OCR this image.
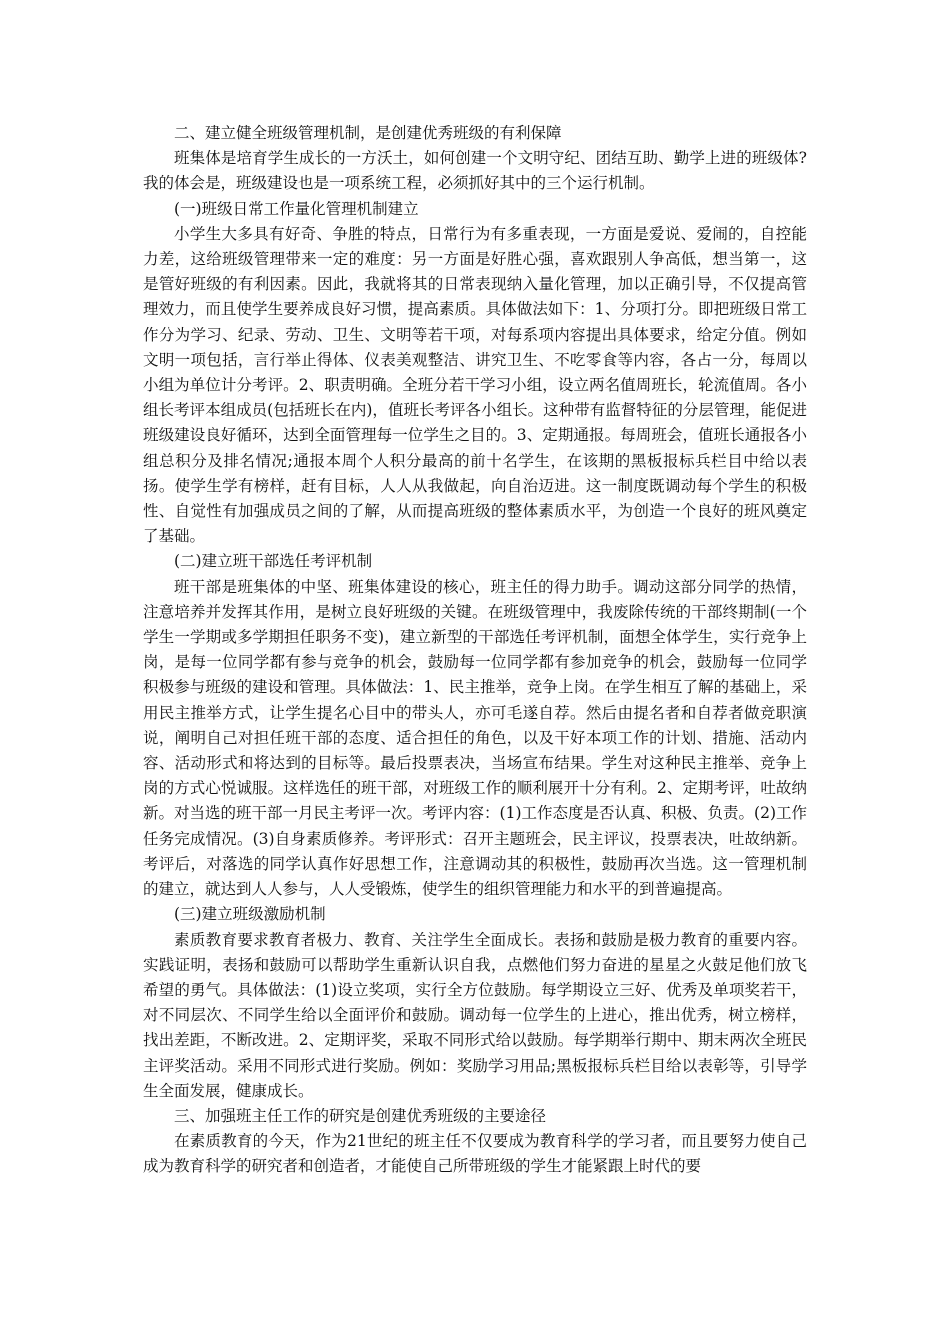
二、建立健全班级管理机制，是创建优秀班级的有利保障

班集体是培育学生成长的一方沃土，如何创建一个文明守纪、团结互助、勤学上进的班级体?我的体会是，班级建设也是一项系统工程，必须抓好其中的三个运行机制。

(一)班级日常工作量化管理机制建立

小学生大多具有好奇、争胜的特点，日常行为有多重表现，一方面是爱说、爱闹的，自控能力差，这给班级管理带来一定的难度：另一方面是好胜心强，喜欢跟别人争高低，想当第一，这是管好班级的有利因素。因此，我就将其的日常表现纳入量化管理，加以正确引导，不仅提高管理效力，而且使学生要养成良好习惯，提高素质。具体做法如下：1、分项打分。即把班级日常工作分为学习、纪录、劳动、卫生、文明等若干项，对每系项内容提出具体要求，给定分值。例如文明一项包括，言行举止得体、仪表美观整洁、讲究卫生、不吃零食等内容，各占一分，每周以小组为单位计分考评。2、职责明确。全班分若干学习小组，设立两名值周班长，轮流值周。各小组长考评本组成员(包括班长在内)，值班长考评各小组长。这种带有监督特征的分层管理，能促进班级建设良好循环，达到全面管理每一位学生之目的。3、定期通报。每周班会，值班长通报各小组总积分及排名情况;通报本周个人积分最高的前十名学生，在该期的黑板报标兵栏目中给以表扬。使学生学有榜样，赶有目标，人人从我做起，向自治迈进。这一制度既调动每个学生的积极性、自觉性有加强成员之间的了解，从而提高班级的整体素质水平，为创造一个良好的班风奠定了基础。

(二)建立班干部选任考评机制

班干部是班集体的中坚、班集体建设的核心，班主任的得力助手。调动这部分同学的热情，注意培养并发挥其作用，是树立良好班级的关键。在班级管理中，我废除传统的干部终期制(一个学生一学期或多学期担任职务不变)，建立新型的干部选任考评机制，面想全体学生，实行竞争上岗，是每一位同学都有参与竞争的机会，鼓励每一位同学都有参加竞争的机会，鼓励每一位同学积极参与班级的建设和管理。具体做法：1、民主推举，竞争上岗。在学生相互了解的基础上，采用民主推举方式，让学生提名心目中的带头人，亦可毛遂自荐。然后由提名者和自荐者做竞职演说，阐明自己对担任班干部的态度、适合担任的角色，以及干好本项工作的计划、措施、活动内容、活动形式和将达到的目标等。最后投票表决，当场宣布结果。学生对这种民主推举、竞争上岗的方式心悦诚服。这样选任的班干部，对班级工作的顺利展开十分有利。2、定期考评，吐故纳新。对当选的班干部一月民主考评一次。考评内容：(1)工作态度是否认真、积极、负责。(2)工作任务完成情况。(3)自身素质修养。考评形式：召开主题班会，民主评议，投票表决，吐故纳新。考评后，对落选的同学认真作好思想工作，注意调动其的积极性，鼓励再次当选。这一管理机制的建立，就达到人人参与，人人受锻炼，使学生的组织管理能力和水平的到普遍提高。

(三)建立班级激励机制

素质教育要求教育者极力、教育、关注学生全面成长。表扬和鼓励是极力教育的重要内容。实践证明，表扬和鼓励可以帮助学生重新认识自我，点燃他们努力奋进的星星之火鼓足他们放飞希望的勇气。具体做法：(1)设立奖项，实行全方位鼓励。每学期设立三好、优秀及单项奖若干，对不同层次、不同学生给以全面评价和鼓励。调动每一位学生的上进心，推出优秀，树立榜样，找出差距，不断改进。2、定期评奖，采取不同形式给以鼓励。每学期举行期中、期末两次全班民主评奖活动。采用不同形式进行奖励。例如：奖励学习用品;黑板报标兵栏目给以表彰等，引导学生全面发展，健康成长。

三、加强班主任工作的研究是创建优秀班级的主要途径

在素质教育的今天，作为21世纪的班主任不仅要成为教育科学的学习者，而且要努力使自己成为教育科学的研究者和创造者，才能使自己所带班级的学生才能紧跟上时代的要
